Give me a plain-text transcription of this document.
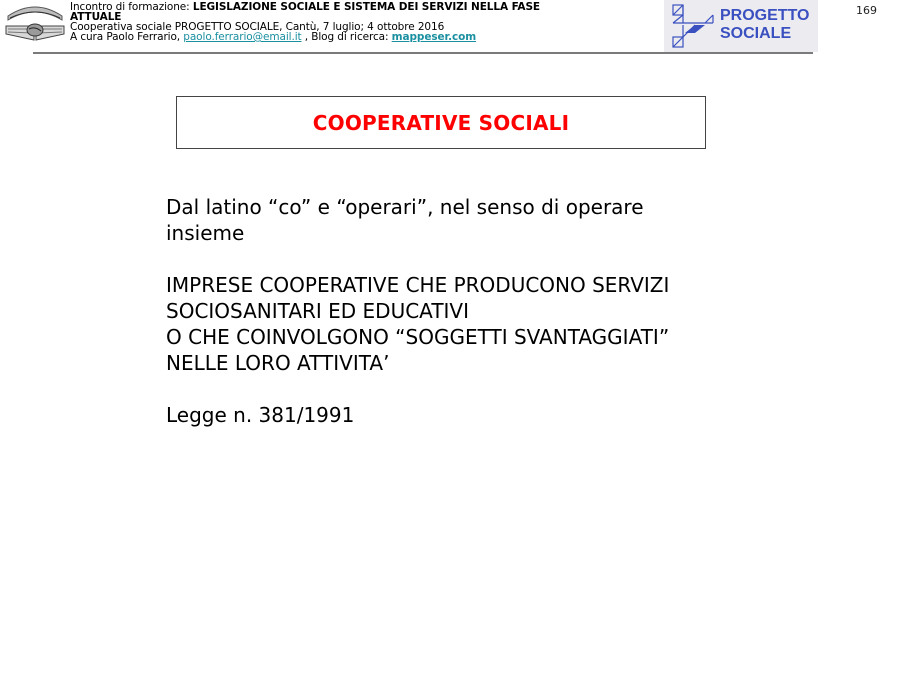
Incontro di formazione: LEGISLAZIONE SOCIALE E SISTEMA DEI SERVIZI NELLA FASE
ATTUALE
Cooperativa sociale PROGETTO SOCIALE, Cantù, 7 luglio; 4 ottobre 2016
A cura Paolo Ferrario, paolo.ferrario@email.it , Blog di ricerca: mappeser.com
PROGETTO
SOCIALE
169
COOPERATIVE SOCIALI
Dal latino “co” e “operari”, nel senso di operare
insieme
IMPRESE COOPERATIVE CHE PRODUCONO SERVIZI
SOCIOSANITARI ED EDUCATIVI
O CHE COINVOLGONO “SOGGETTI SVANTAGGIATI”
NELLE LORO ATTIVITA’
Legge n. 381/1991
